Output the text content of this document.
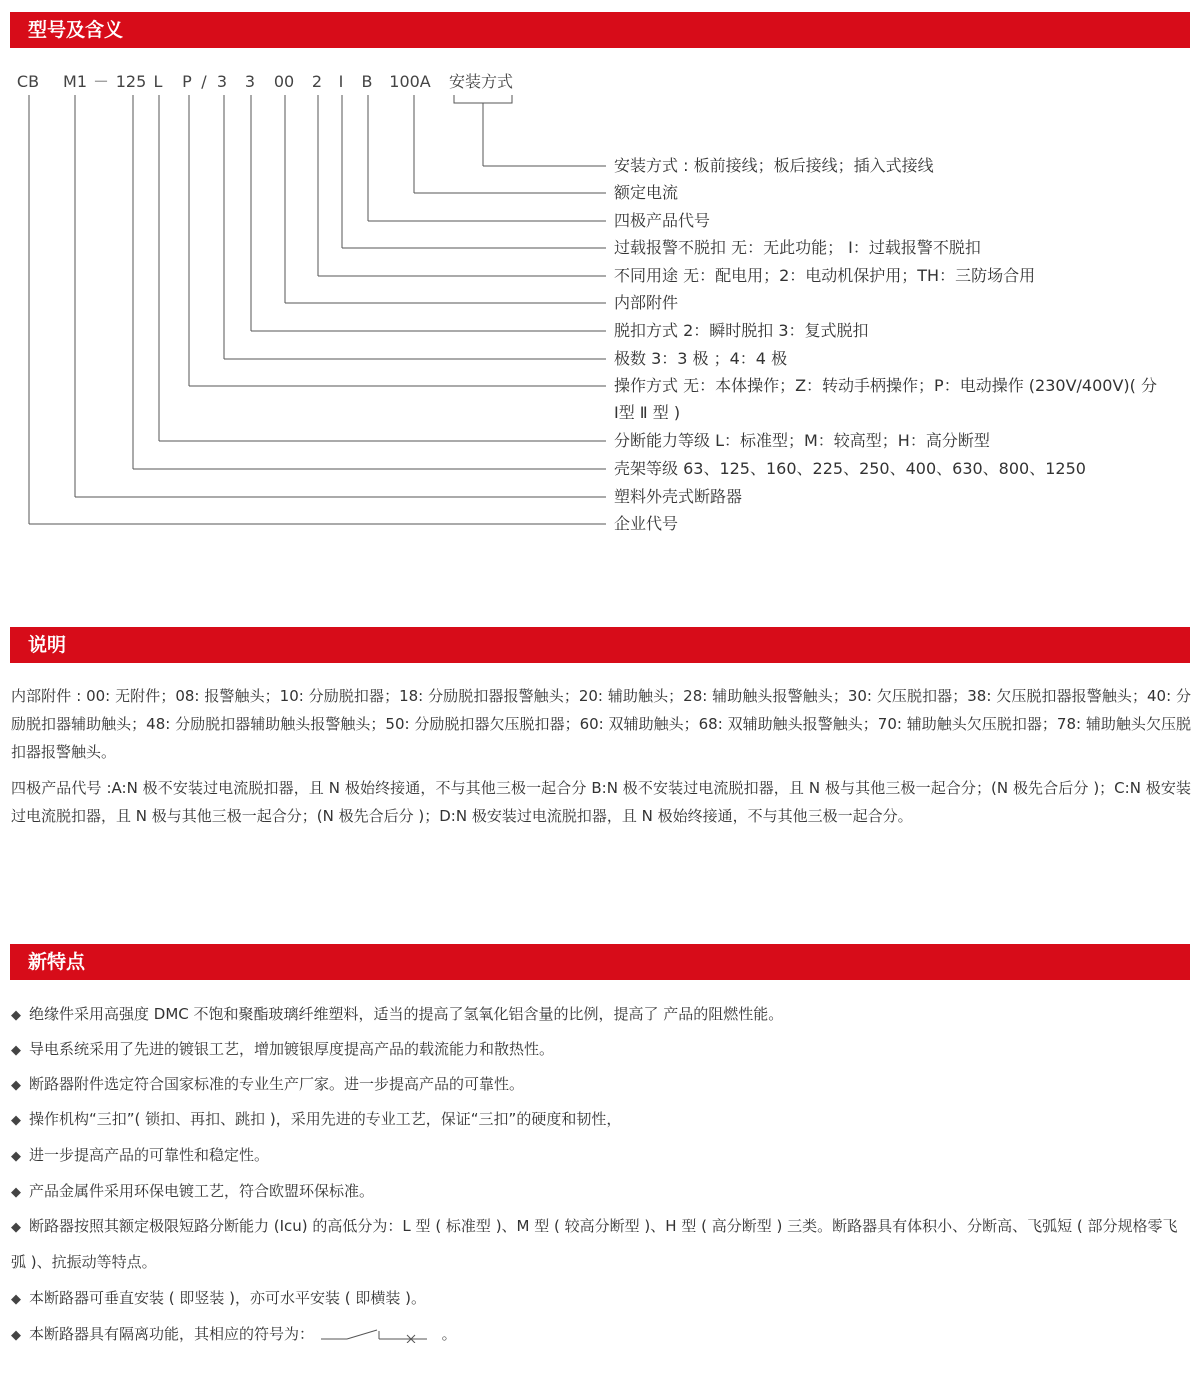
型号及含义
CB M1 － 125 L P / 3 3 00 2 I B 100A 安装方式
安装方式 : 板前接线；板后接线；插入式接线
额定电流
四极产品代号
过载报警不脱扣 无：无此功能； Ⅰ：过载报警不脱扣
不同用途 无：配电用；2：电动机保护用；TH：三防场合用
内部附件
脱扣方式 2：瞬时脱扣 3：复式脱扣
极数 3：3 极 ；4：4 极
操作方式 无：本体操作；Z：转动手柄操作；P：电动操作 (230V/400V)( 分
Ⅰ型 Ⅱ 型 )
分断能力等级 L：标准型；M：较高型；H：高分断型
壳架等级 63、125、160、225、250、400、630、800、1250
塑料外壳式断路器
企业代号
说明

内部附件 : 00: 无附件；08: 报警触头；10: 分励脱扣器；18: 分励脱扣器报警触头；20: 辅助触头；28: 辅助触头报警触头；30: 欠压脱扣器；38: 欠压脱扣器报警触头；40: 分励脱扣器辅助触头；48: 分励脱扣器辅助触头报警触头；50: 分励脱扣器欠压脱扣器；60: 双辅助触头；68: 双辅助触头报警触头；70: 辅助触头欠压脱扣器；78: 辅助触头欠压脱扣器报警触头。

四极产品代号 :A:N 极不安装过电流脱扣器，且 N 极始终接通，不与其他三极一起合分 B:N 极不安装过电流脱扣器，且 N 极与其他三极一起合分；(N 极先合后分 )；C:N 极安装过电流脱扣器，且 N 极与其他三极一起合分；(N 极先合后分 )；D:N 极安装过电流脱扣器，且 N 极始终接通，不与其他三极一起合分。

新特点

◆ 绝缘件采用高强度 DMC 不饱和聚酯玻璃纤维塑料，适当的提高了氢氧化铝含量的比例，提高了 产品的阻燃性能。

◆ 导电系统采用了先进的镀银工艺，增加镀银厚度提高产品的载流能力和散热性。

◆ 断路器附件选定符合国家标准的专业生产厂家。进一步提高产品的可靠性。

◆ 操作机构“三扣”( 锁扣、再扣、跳扣 )，采用先进的专业工艺，保证“三扣”的硬度和韧性，

◆ 进一步提高产品的可靠性和稳定性。

◆ 产品金属件采用环保电镀工艺，符合欧盟环保标准。

◆ 断路器按照其额定极限短路分断能力 (Icu) 的高低分为：L 型 ( 标准型 )、M 型 ( 较高分断型 )、H 型 ( 高分断型 ) 三类。断路器具有体积小、分断高、飞弧短 ( 部分规格零飞弧 )、抗振动等特点。

◆ 本断路器可垂直安装 ( 即竖装 )，亦可水平安装 ( 即横装 )。

◆ 本断路器具有隔离功能，其相应的符号为：	。
